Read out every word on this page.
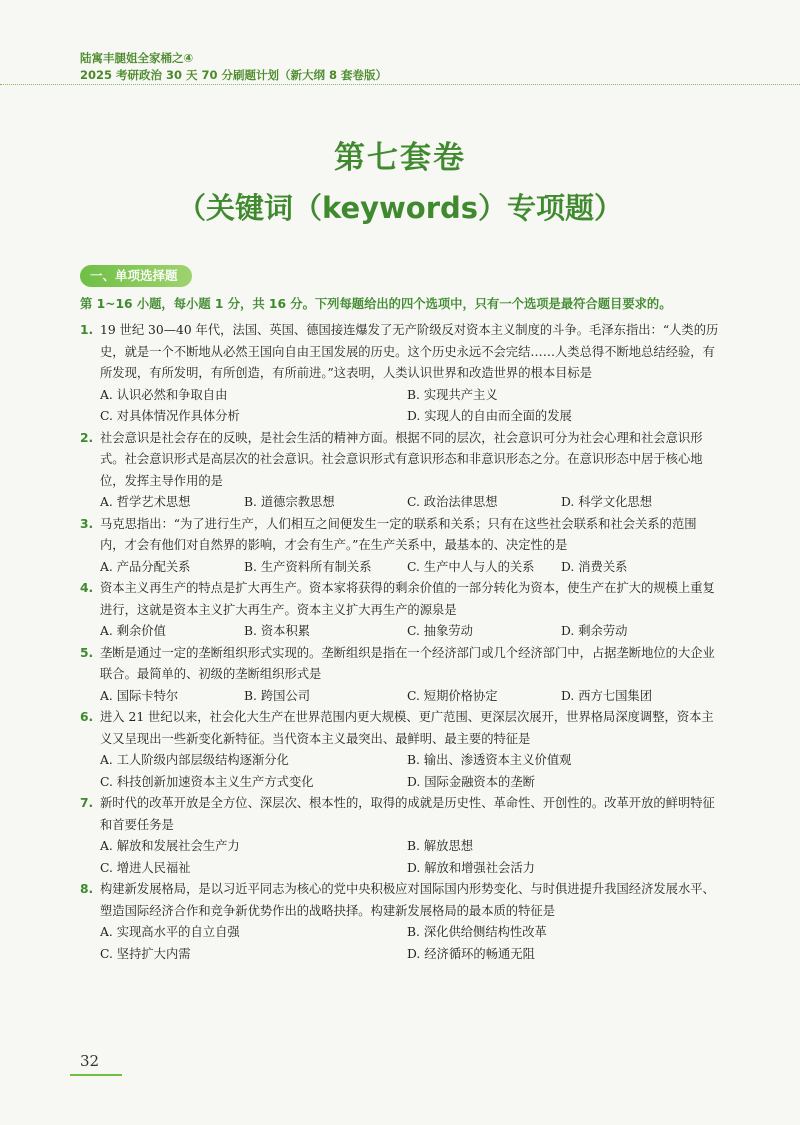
陆寓丰腿姐全家桶之④
2025 考研政治 30 天 70 分刷题计划（新大纲 8 套卷版）
第七套卷
（关键词（keywords）专项题）
一、单项选择题
第 1~16 小题，每小题 1 分，共 16 分。下列每题给出的四个选项中，只有一个选项是最符合题目要求的。
1. 19 世纪 30—40 年代，法国、英国、德国接连爆发了无产阶级反对资本主义制度的斗争。毛泽东指出：“人类的历史，就是一个不断地从必然王国向自由王国发展的历史。这个历史永远不会完结……人类总得不断地总结经验，有所发现，有所发明，有所创造，有所前进。”这表明，人类认识世界和改造世界的根本目标是
A. 认识必然和争取自由	B. 实现共产主义
C. 对具体情况作具体分析	D. 实现人的自由而全面的发展
2. 社会意识是社会存在的反映，是社会生活的精神方面。根据不同的层次，社会意识可分为社会心理和社会意识形式。社会意识形式是高层次的社会意识。社会意识形式有意识形态和非意识形态之分。在意识形态中居于核心地位，发挥主导作用的是
A. 哲学艺术思想	B. 道德宗教思想	C. 政治法律思想	D. 科学文化思想
3. 马克思指出：“为了进行生产，人们相互之间便发生一定的联系和关系；只有在这些社会联系和社会关系的范围内，才会有他们对自然界的影响，才会有生产。”在生产关系中，最基本的、决定性的是
A. 产品分配关系	B. 生产资料所有制关系	C. 生产中人与人的关系	D. 消费关系
4. 资本主义再生产的特点是扩大再生产。资本家将获得的剩余价值的一部分转化为资本，使生产在扩大的规模上重复进行，这就是资本主义扩大再生产。资本主义扩大再生产的源泉是
A. 剩余价值	B. 资本积累	C. 抽象劳动	D. 剩余劳动
5. 垄断是通过一定的垄断组织形式实现的。垄断组织是指在一个经济部门或几个经济部门中，占据垄断地位的大企业联合。最简单的、初级的垄断组织形式是
A. 国际卡特尔	B. 跨国公司	C. 短期价格协定	D. 西方七国集团
6. 进入 21 世纪以来，社会化大生产在世界范围内更大规模、更广范围、更深层次展开，世界格局深度调整，资本主义又呈现出一些新变化新特征。当代资本主义最突出、最鲜明、最主要的特征是
A. 工人阶级内部层级结构逐渐分化	B. 输出、渗透资本主义价值观
C. 科技创新加速资本主义生产方式变化	D. 国际金融资本的垄断
7. 新时代的改革开放是全方位、深层次、根本性的，取得的成就是历史性、革命性、开创性的。改革开放的鲜明特征和首要任务是
A. 解放和发展社会生产力	B. 解放思想
C. 增进人民福祉	D. 解放和增强社会活力
8. 构建新发展格局，是以习近平同志为核心的党中央积极应对国际国内形势变化、与时俱进提升我国经济发展水平、塑造国际经济合作和竞争新优势作出的战略抉择。构建新发展格局的最本质的特征是
A. 实现高水平的自立自强	B. 深化供给侧结构性改革
C. 坚持扩大内需	D. 经济循环的畅通无阻
32
